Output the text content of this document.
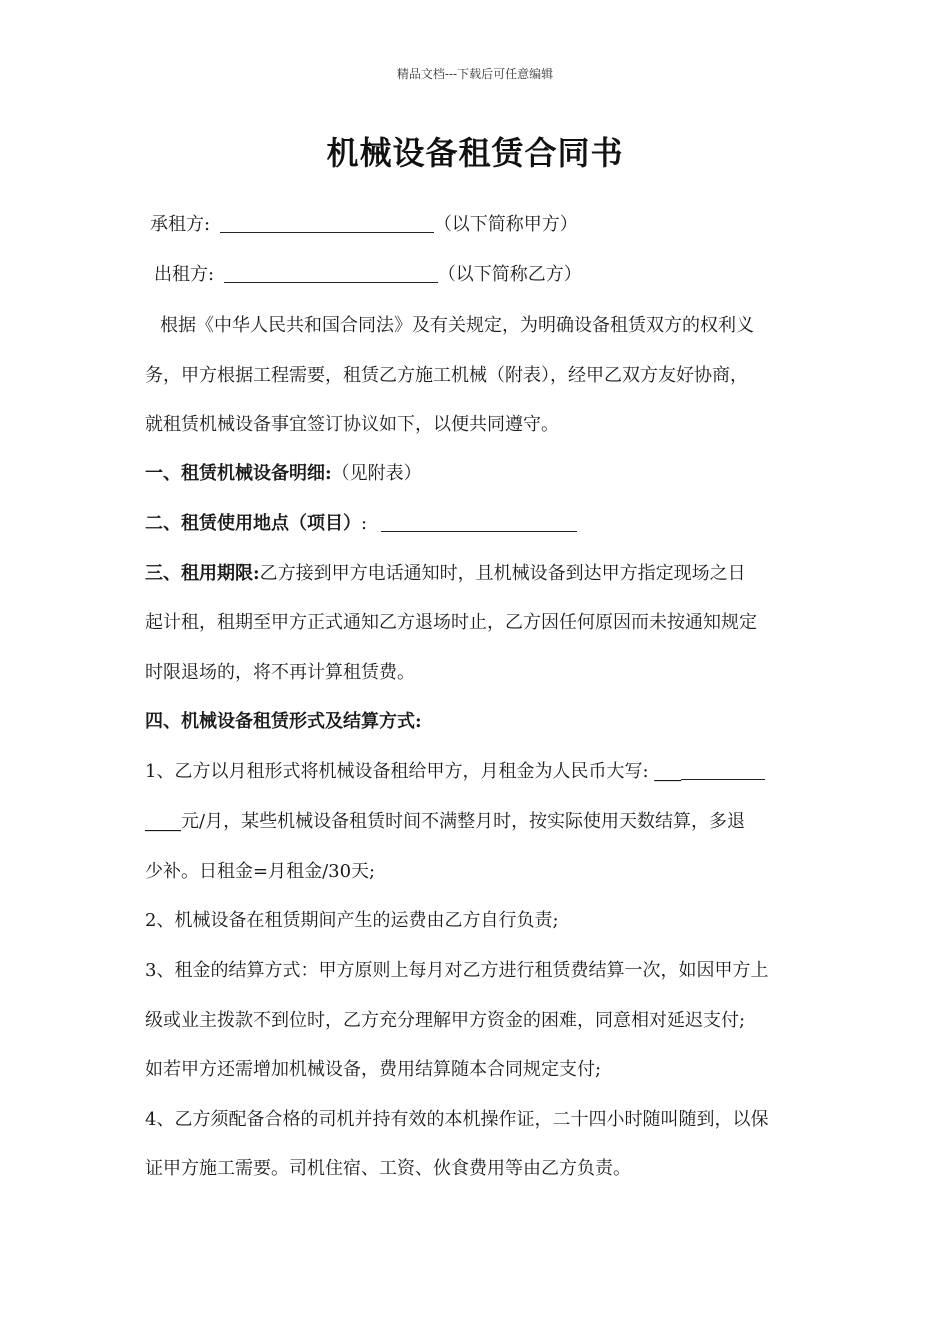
精品文档---下载后可任意编辑
机械设备租赁合同书
承租方:	（以下简称甲方）
出租方:	（以下简称乙方）
根据《中华人民共和国合同法》及有关规定，为明确设备租赁双方的权利义
务，甲方根据工程需要，租赁乙方施工机械（附表），经甲乙双方友好协商，
就租赁机械设备事宜签订协议如下，以便共同遵守。
一、租赁机械设备明细:（见附表）
二、租赁使用地点（项目）:
三、租用期限:乙方接到甲方电话通知时，且机械设备到达甲方指定现场之日
起计租，租期至甲方正式通知乙方退场时止，乙方因任何原因而未按通知规定
时限退场的，将不再计算租赁费。
四、机械设备租赁形式及结算方式:
1、乙方以月租形式将机械设备租给甲方，月租金为人民币大写: ___
____元/月，某些机械设备租赁时间不满整月时，按实际使用天数结算，多退
少补。日租金=月租金/30天;
2、机械设备在租赁期间产生的运费由乙方自行负责;
3、租金的结算方式：甲方原则上每月对乙方进行租赁费结算一次，如因甲方上
级或业主拨款不到位时，乙方充分理解甲方资金的困难，同意相对延迟支付;
如若甲方还需增加机械设备，费用结算随本合同规定支付;
4、乙方须配备合格的司机并持有效的本机操作证，二十四小时随叫随到，以保
证甲方施工需要。司机住宿、工资、伙食费用等由乙方负责。
